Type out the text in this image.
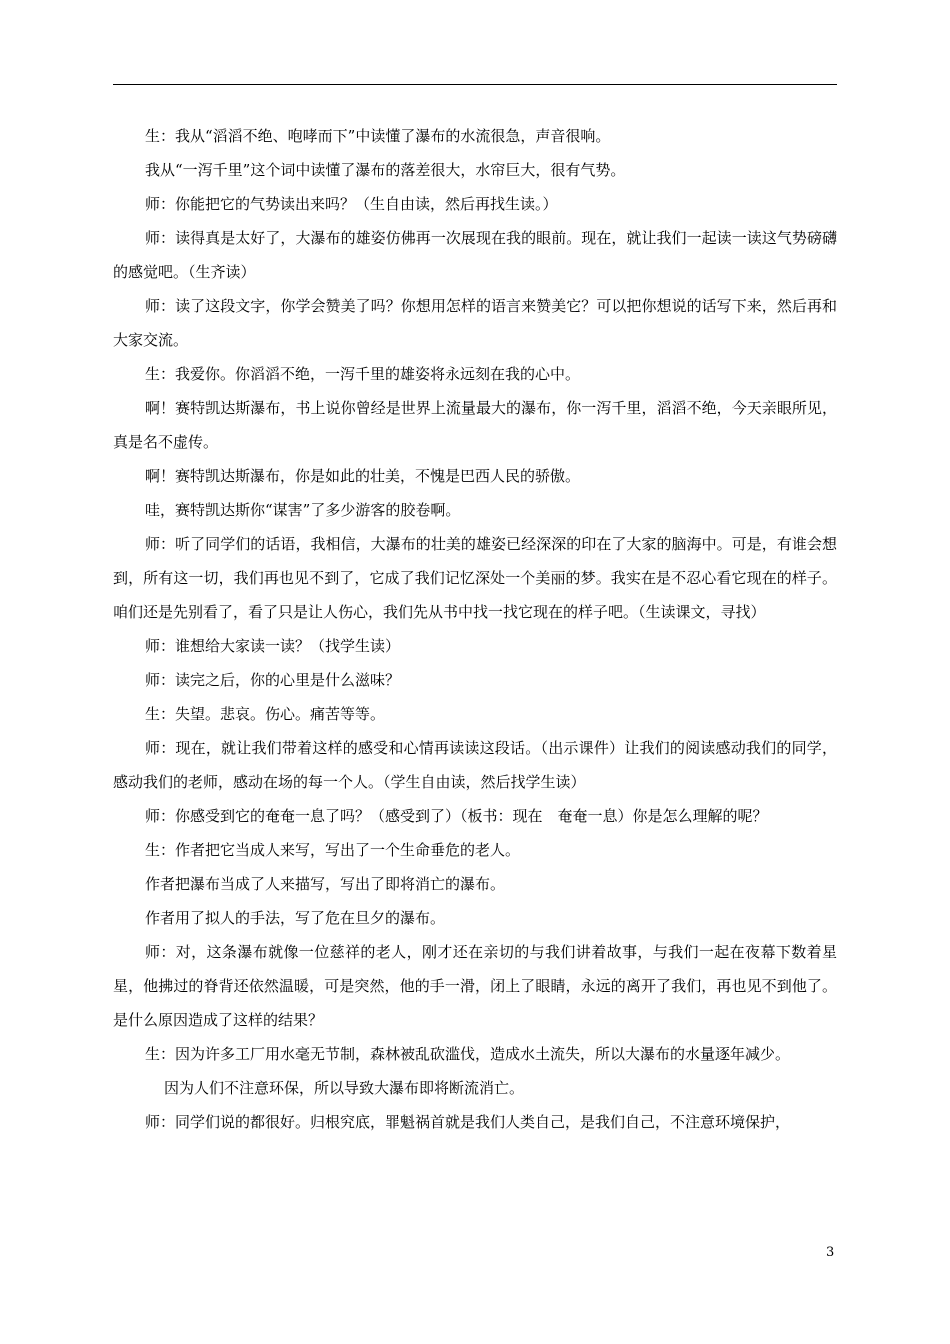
生：我从“滔滔不绝、咆哮而下”中读懂了瀑布的水流很急，声音很响。

我从“一泻千里”这个词中读懂了瀑布的落差很大，水帘巨大，很有气势。

师：你能把它的气势读出来吗？（生自由读，然后再找生读。）

师：读得真是太好了，大瀑布的雄姿仿佛再一次展现在我的眼前。现在，就让我们一起读一读这气势磅礴的感觉吧。（生齐读）

师：读了这段文字，你学会赞美了吗？你想用怎样的语言来赞美它？可以把你想说的话写下来，然后再和大家交流。

生：我爱你。你滔滔不绝，一泻千里的雄姿将永远刻在我的心中。

啊！赛特凯达斯瀑布，书上说你曾经是世界上流量最大的瀑布，你一泻千里，滔滔不绝，今天亲眼所见，真是名不虚传。

啊！赛特凯达斯瀑布，你是如此的壮美，不愧是巴西人民的骄傲。

哇，赛特凯达斯你“谋害”了多少游客的胶卷啊。

师：听了同学们的话语，我相信，大瀑布的壮美的雄姿已经深深的印在了大家的脑海中。可是，有谁会想到，所有这一切，我们再也见不到了，它成了我们记忆深处一个美丽的梦。我实在是不忍心看它现在的样子。咱们还是先别看了，看了只是让人伤心，我们先从书中找一找它现在的样子吧。（生读课文，寻找）

师：谁想给大家读一读？（找学生读）

师：读完之后，你的心里是什么滋味？

生：失望。悲哀。伤心。痛苦等等。

师：现在，就让我们带着这样的感受和心情再读读这段话。（出示课件）让我们的阅读感动我们的同学，感动我们的老师，感动在场的每一个人。（学生自由读，然后找学生读）

师：你感受到它的奄奄一息了吗？（感受到了）（板书：现在　奄奄一息）你是怎么理解的呢？

生：作者把它当成人来写，写出了一个生命垂危的老人。

作者把瀑布当成了人来描写，写出了即将消亡的瀑布。

作者用了拟人的手法，写了危在旦夕的瀑布。

师：对，这条瀑布就像一位慈祥的老人，刚才还在亲切的与我们讲着故事，与我们一起在夜幕下数着星星，他拂过的脊背还依然温暖，可是突然，他的手一滑，闭上了眼睛，永远的离开了我们，再也见不到他了。是什么原因造成了这样的结果？

生：因为许多工厂用水毫无节制，森林被乱砍滥伐，造成水土流失，所以大瀑布的水量逐年减少。

因为人们不注意环保，所以导致大瀑布即将断流消亡。

师：同学们说的都很好。归根究底，罪魁祸首就是我们人类自己，是我们自己，不注意环境保护，

3
